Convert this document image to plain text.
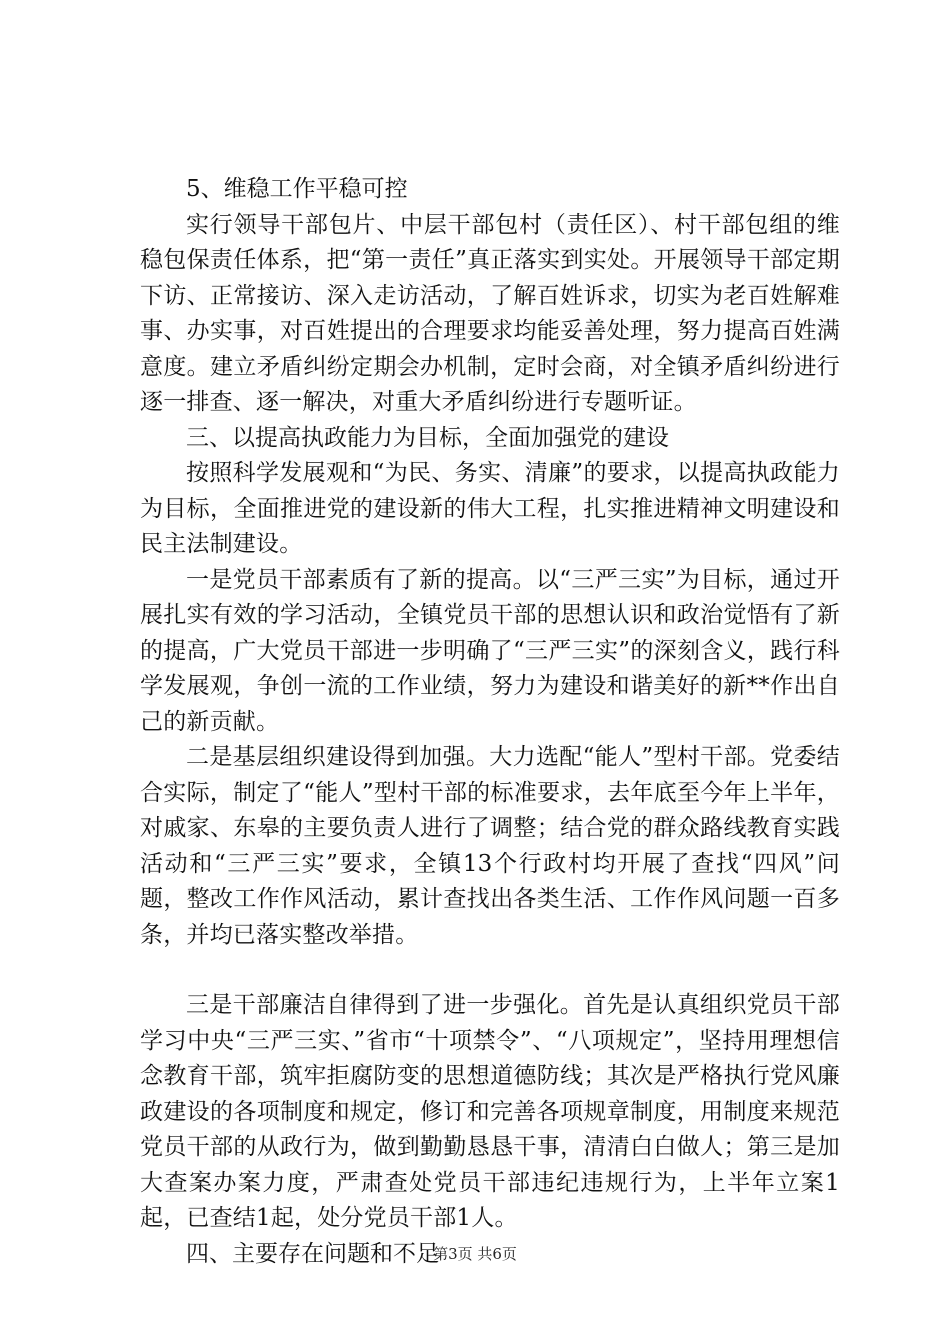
5、维稳工作平稳可控

实行领导干部包片、中层干部包村（责任区）、村干部包组的维稳包保责任体系，把“第一责任”真正落实到实处。开展领导干部定期下访、正常接访、深入走访活动，了解百姓诉求，切实为老百姓解难事、办实事，对百姓提出的合理要求均能妥善处理，努力提高百姓满意度。建立矛盾纠纷定期会办机制，定时会商，对全镇矛盾纠纷进行逐一排查、逐一解决，对重大矛盾纠纷进行专题听证。

三、以提高执政能力为目标，全面加强党的建设

按照科学发展观和“为民、务实、清廉”的要求，以提高执政能力为目标，全面推进党的建设新的伟大工程，扎实推进精神文明建设和民主法制建设。

一是党员干部素质有了新的提高。以“三严三实”为目标，通过开展扎实有效的学习活动，全镇党员干部的思想认识和政治觉悟有了新的提高，广大党员干部进一步明确了“三严三实”的深刻含义，践行科学发展观，争创一流的工作业绩，努力为建设和谐美好的新**作出自己的新贡献。

二是基层组织建设得到加强。大力选配“能人”型村干部。党委结合实际，制定了“能人”型村干部的标准要求，去年底至今年上半年，对戚家、东皋的主要负责人进行了调整；结合党的群众路线教育实践活动和“三严三实”要求，全镇13个行政村均开展了查找“四风”问题，整改工作作风活动，累计查找出各类生活、工作作风问题一百多条，并均已落实整改举措。

三是干部廉洁自律得到了进一步强化。首先是认真组织党员干部学习中央“三严三实、”省市“十项禁令”、“八项规定”，坚持用理想信念教育干部，筑牢拒腐防变的思想道德防线；其次是严格执行党风廉政建设的各项制度和规定，修订和完善各项规章制度，用制度来规范党员干部的从政行为，做到勤勤恳恳干事，清清白白做人；第三是加大查案办案力度，严肃查处党员干部违纪违规行为，上半年立案1起，已查结1起，处分党员干部1人。

四、主要存在问题和不足

第3页 共6页
